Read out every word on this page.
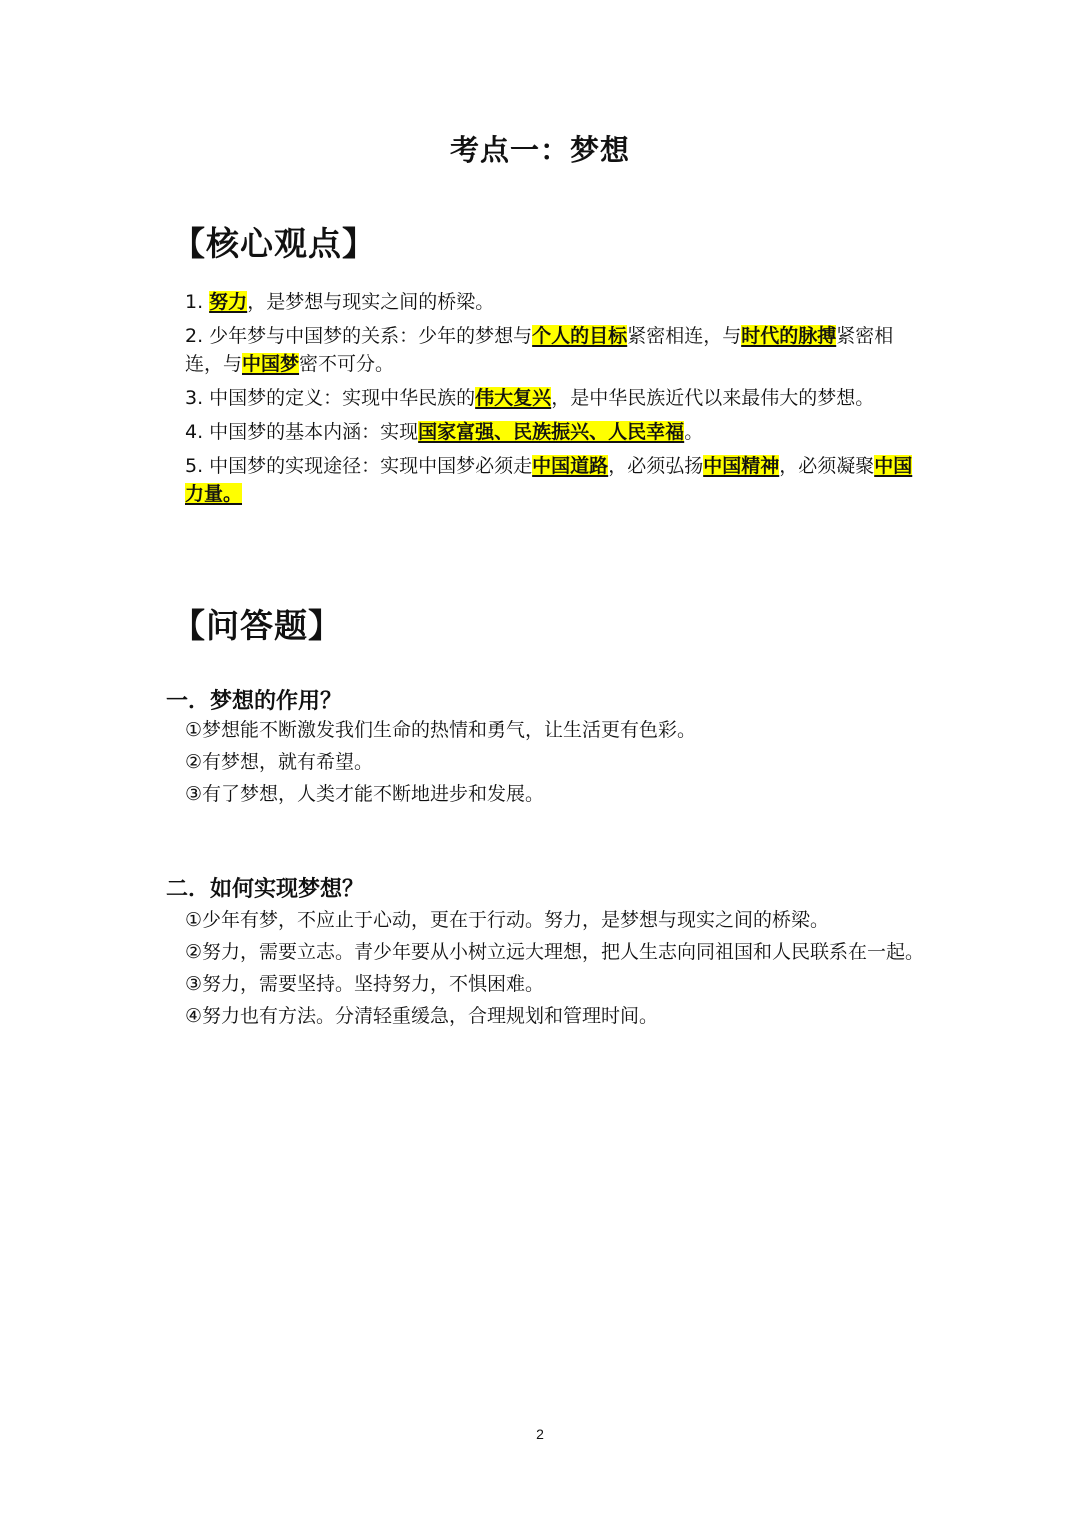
考点一：梦想
【核心观点】

1. 努力，是梦想与现实之间的桥梁。

2. 少年梦与中国梦的关系：少年的梦想与个人的目标紧密相连，与时代的脉搏紧密相连，与中国梦密不可分。

3. 中国梦的定义：实现中华民族的伟大复兴，是中华民族近代以来最伟大的梦想。

4. 中国梦的基本内涵：实现国家富强、民族振兴、人民幸福。

5. 中国梦的实现途径：实现中国梦必须走中国道路，必须弘扬中国精神，必须凝聚中国力量。

【问答题】
一．梦想的作用？

①梦想能不断激发我们生命的热情和勇气，让生活更有色彩。

②有梦想，就有希望。

③有了梦想，人类才能不断地进步和发展。

二．如何实现梦想？

①少年有梦，不应止于心动，更在于行动。努力，是梦想与现实之间的桥梁。

②努力，需要立志。青少年要从小树立远大理想，把人生志向同祖国和人民联系在一起。

③努力，需要坚持。坚持努力，不惧困难。

④努力也有方法。分清轻重缓急，合理规划和管理时间。

2
